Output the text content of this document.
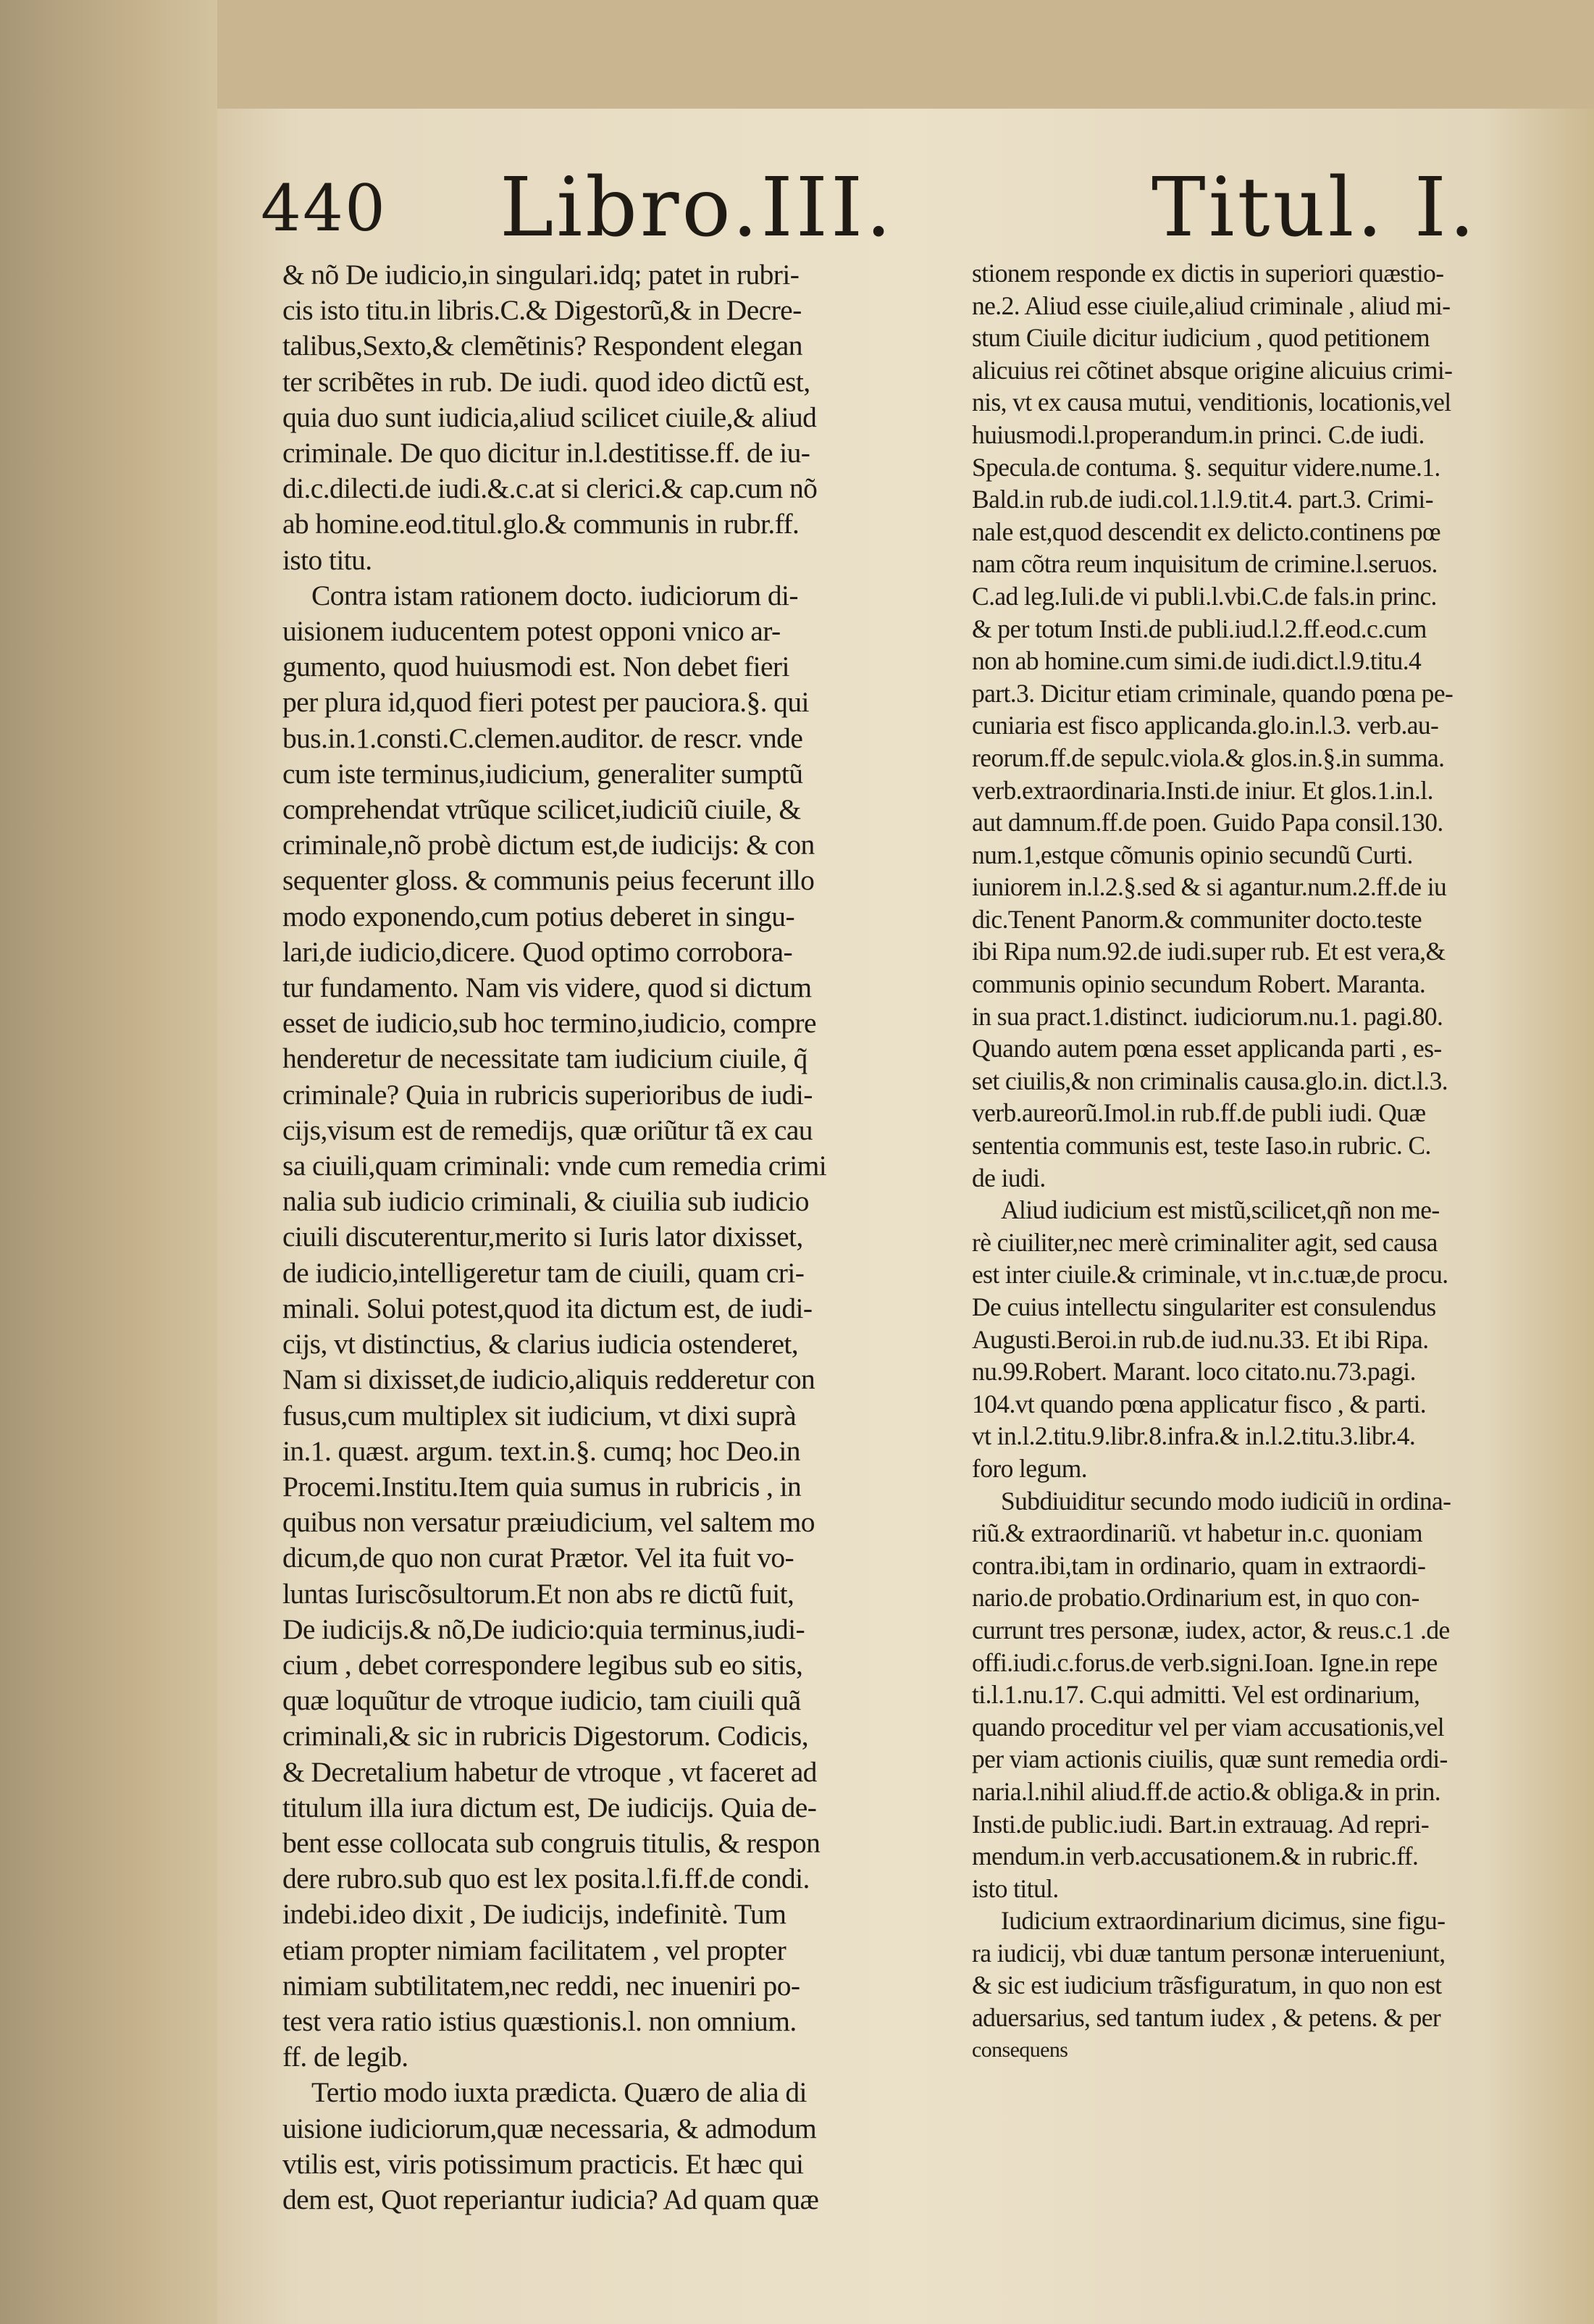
440 Libro.III.	Titul. I.

& nõ De iudicio,in singulari.idq; patet in rubri-

cis isto titu.in libris.C.& Digestorũ,& in Decre-

talibus,Sexto,& clemẽtinis? Respondent elegan

ter scribẽtes in rub. De iudi. quod ideo dictũ est,

quia duo sunt iudicia,aliud scilicet ciuile,& aliud

criminale. De quo dicitur in.l.destitisse.ff. de iu-

di.c.dilecti.de iudi.&.c.at si clerici.& cap.cum nõ

ab homine.eod.titul.glo.& communis in rubr.ff.

isto titu.

Contra istam rationem docto. iudiciorum di-

uisionem iuducentem potest opponi vnico ar-

gumento, quod huiusmodi est. Non debet fieri

per plura id,quod fieri potest per pauciora.§. qui

bus.in.1.consti.C.clemen.auditor. de rescr. vnde

cum iste terminus,iudicium, generaliter sumptũ

comprehendat vtrũque scilicet,iudiciũ ciuile, &

criminale,nõ probè dictum est,de iudicijs: & con

sequenter gloss. & communis peius fecerunt illo

modo exponendo,cum potius deberet in singu-

lari,de iudicio,dicere. Quod optimo corrobora-

tur fundamento. Nam vis videre, quod si dictum

esset de iudicio,sub hoc termino,iudicio, compre

henderetur de necessitate tam iudicium ciuile, q̃

criminale? Quia in rubricis superioribus de iudi-

cijs,visum est de remedijs, quæ oriũtur tã ex cau

sa ciuili,quam criminali: vnde cum remedia crimi

nalia sub iudicio criminali, & ciuilia sub iudicio

ciuili discuterentur,merito si Iuris lator dixisset,

de iudicio,intelligeretur tam de ciuili, quam cri-

minali. Solui potest,quod ita dictum est, de iudi-

cijs, vt distinctius, & clarius iudicia ostenderet,

Nam si dixisset,de iudicio,aliquis redderetur con

fusus,cum multiplex sit iudicium, vt dixi suprà

in.1. quæst. argum. text.in.§. cumq; hoc Deo.in

Procemi.Institu.Item quia sumus in rubricis , in

quibus non versatur præiudicium, vel saltem mo

dicum,de quo non curat Prætor. Vel ita fuit vo-

luntas Iuriscõsultorum.Et non abs re dictũ fuit,

De iudicijs.& nõ,De iudicio:quia terminus,iudi-

cium , debet correspondere legibus sub eo sitis,

quæ loquũtur de vtroque iudicio, tam ciuili quã

criminali,& sic in rubricis Digestorum. Codicis,

& Decretalium habetur de vtroque , vt faceret ad

titulum illa iura dictum est, De iudicijs. Quia de-

bent esse collocata sub congruis titulis, & respon

dere rubro.sub quo est lex posita.l.fi.ff.de condi.

indebi.ideo dixit , De iudicijs, indefinitè. Tum

etiam propter nimiam facilitatem , vel propter

nimiam subtilitatem,nec reddi, nec inueniri po-

test vera ratio istius quæstionis.l. non omnium.

ff. de legib.

Tertio modo iuxta prædicta. Quæro de alia di

uisione iudiciorum,quæ necessaria, & admodum

vtilis est, viris potissimum practicis. Et hæc qui

dem est, Quot reperiantur iudicia? Ad quam quæ

stionem responde ex dictis in superiori quæstio-

ne.2. Aliud esse ciuile,aliud criminale , aliud mi-

stum Ciuile dicitur iudicium , quod petitionem

alicuius rei cõtinet absque origine alicuius crimi-

nis, vt ex causa mutui, venditionis, locationis,vel

huiusmodi.l.properandum.in princi. C.de iudi.

Specula.de contuma. §. sequitur videre.nume.1.

Bald.in rub.de iudi.col.1.l.9.tit.4. part.3. Crimi-

nale est,quod descendit ex delicto.continens pœ

nam cõtra reum inquisitum de crimine.l.seruos.

C.ad leg.Iuli.de vi publi.l.vbi.C.de fals.in princ.

& per totum Insti.de publi.iud.l.2.ff.eod.c.cum

non ab homine.cum simi.de iudi.dict.l.9.titu.4

part.3. Dicitur etiam criminale, quando pœna pe-

cuniaria est fisco applicanda.glo.in.l.3. verb.au-

reorum.ff.de sepulc.viola.& glos.in.§.in summa.

verb.extraordinaria.Insti.de iniur. Et glos.1.in.l.

aut damnum.ff.de poen. Guido Papa consil.130.

num.1,estque cõmunis opinio secundũ Curti.

iuniorem in.l.2.§.sed & si agantur.num.2.ff.de iu

dic.Tenent Panorm.& communiter docto.teste

ibi Ripa num.92.de iudi.super rub. Et est vera,&

communis opinio secundum Robert. Maranta.

in sua pract.1.distinct. iudiciorum.nu.1. pagi.80.

Quando autem pœna esset applicanda parti , es-

set ciuilis,& non criminalis causa.glo.in. dict.l.3.

verb.aureorũ.Imol.in rub.ff.de publi iudi. Quæ

sententia communis est, teste Iaso.in rubric. C.

de iudi.

Aliud iudicium est mistũ,scilicet,qñ non me-

rè ciuiliter,nec merè criminaliter agit, sed causa

est inter ciuile.& criminale, vt in.c.tuæ,de procu.

De cuius intellectu singulariter est consulendus

Augusti.Beroi.in rub.de iud.nu.33. Et ibi Ripa.

nu.99.Robert. Marant. loco citato.nu.73.pagi.

104.vt quando pœna applicatur fisco , & parti.

vt in.l.2.titu.9.libr.8.infra.& in.l.2.titu.3.libr.4.

foro legum.

Subdiuiditur secundo modo iudiciũ in ordina-

riũ.& extraordinariũ. vt habetur in.c. quoniam

contra.ibi,tam in ordinario, quam in extraordi-

nario.de probatio.Ordinarium est, in quo con-

currunt tres personæ, iudex, actor, & reus.c.1 .de

offi.iudi.c.forus.de verb.signi.Ioan. Igne.in repe

ti.l.1.nu.17. C.qui admitti. Vel est ordinarium,

quando proceditur vel per viam accusationis,vel

per viam actionis ciuilis, quæ sunt remedia ordi-

naria.l.nihil aliud.ff.de actio.& obliga.& in prin.

Insti.de public.iudi. Bart.in extrauag. Ad repri-

mendum.in verb.accusationem.& in rubric.ff.

isto titul.

Iudicium extraordinarium dicimus, sine figu-

ra iudicij, vbi duæ tantum personæ interueniunt,

& sic est iudicium trãsfiguratum, in quo non est

aduersarius, sed tantum iudex , & petens. & per

consequens
